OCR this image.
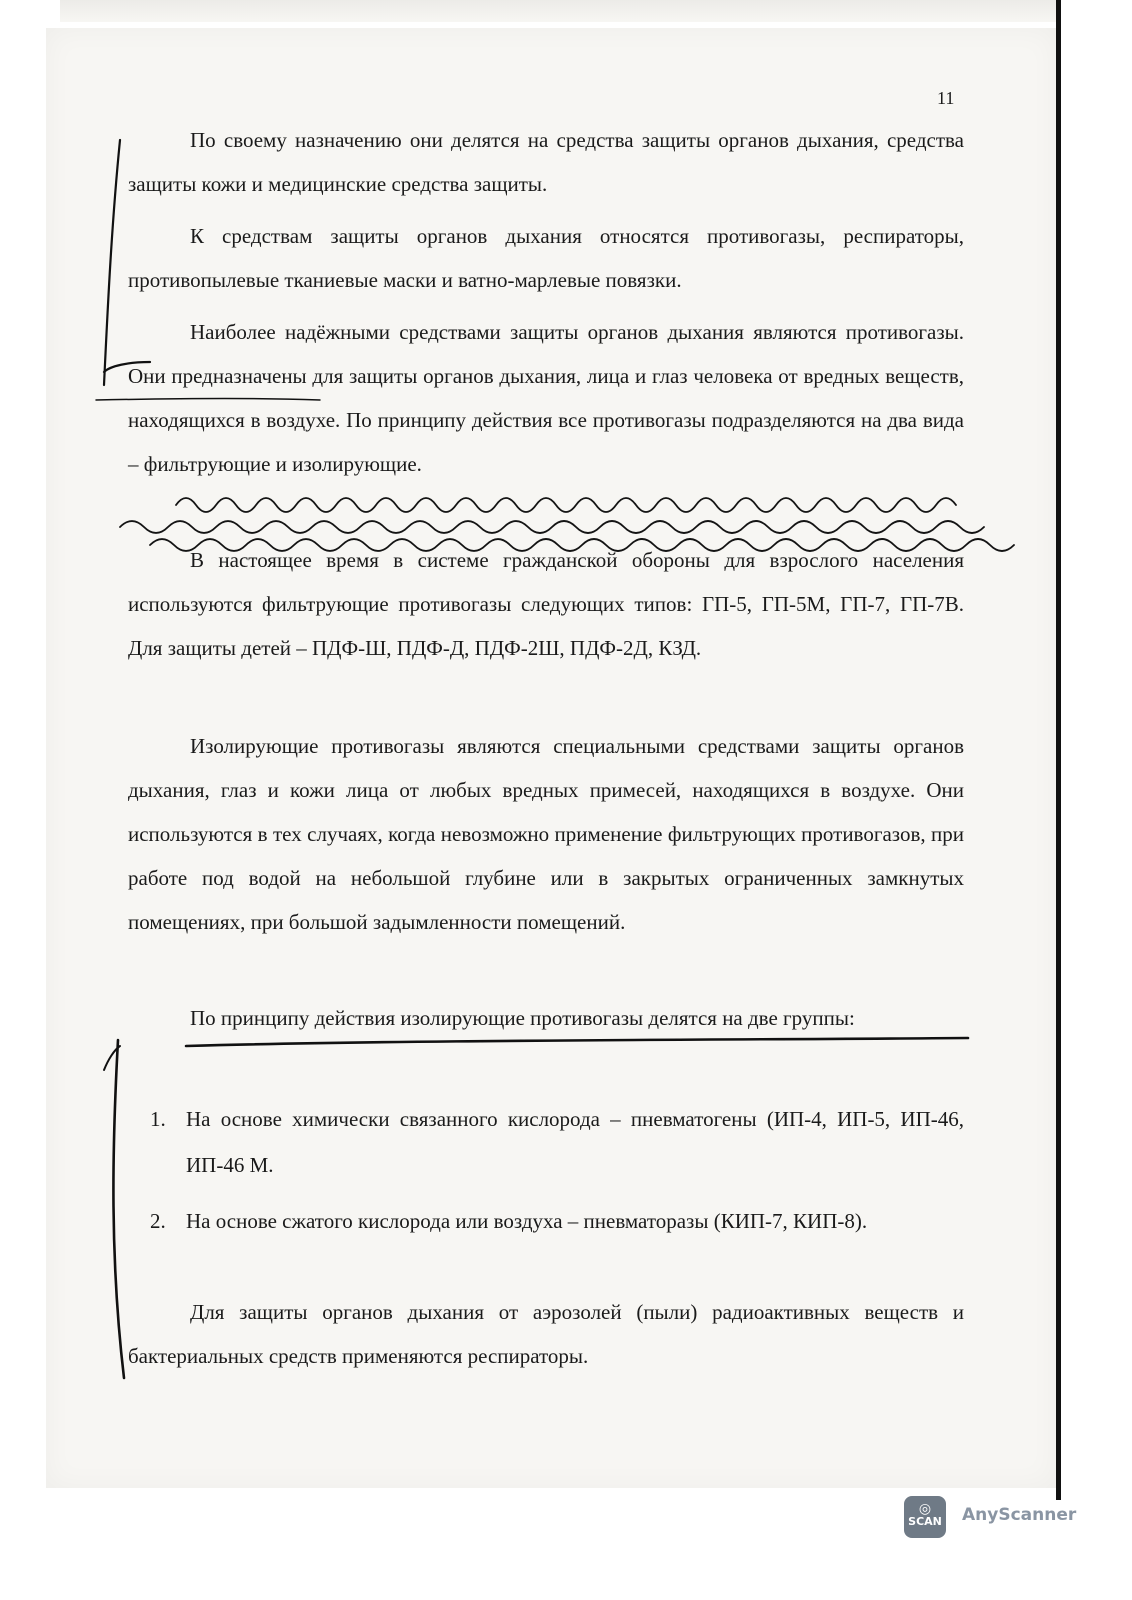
11

По своему назначению они делятся на средства защиты органов дыхания, средства защиты кожи и медицинские средства защиты.

К средствам защиты органов дыхания относятся противогазы, респираторы, противопылевые тканиевые маски и ватно-марлевые повязки.

Наиболее надёжными средствами защиты органов дыхания являются противогазы. Они предназначены для защиты органов дыхания, лица и глаз человека от вредных веществ, находящихся в воздухе. По принципу действия все противогазы подразделяются на два вида – фильтрующие и изолирующие.

В настоящее время в системе гражданской обороны для взрослого населения используются фильтрующие противогазы следующих типов: ГП-5, ГП-5М, ГП-7, ГП-7В. Для защиты детей – ПДФ-Ш, ПДФ-Д, ПДФ-2Ш, ПДФ-2Д, КЗД.

Изолирующие противогазы являются специальными средствами защиты органов дыхания, глаз и кожи лица от любых вредных примесей, находящихся в воздухе. Они используются в тех случаях, когда невозможно применение фильтрующих противогазов, при работе под водой на небольшой глубине или в закрытых ограниченных замкнутых помещениях, при большой задымленности помещений.

По принципу действия изолирующие противогазы делятся на две группы:

1. На основе химически связанного кислорода – пневматогены (ИП-4, ИП-5, ИП-46, ИП-46 М.
2. На основе сжатого кислорода или воздуха – пневматоразы (КИП-7, КИП-8).

Для защиты органов дыхания от аэрозолей (пыли) радиоактивных веществ и бактериальных средств применяются респираторы.

◎
SCAN AnyScanner
